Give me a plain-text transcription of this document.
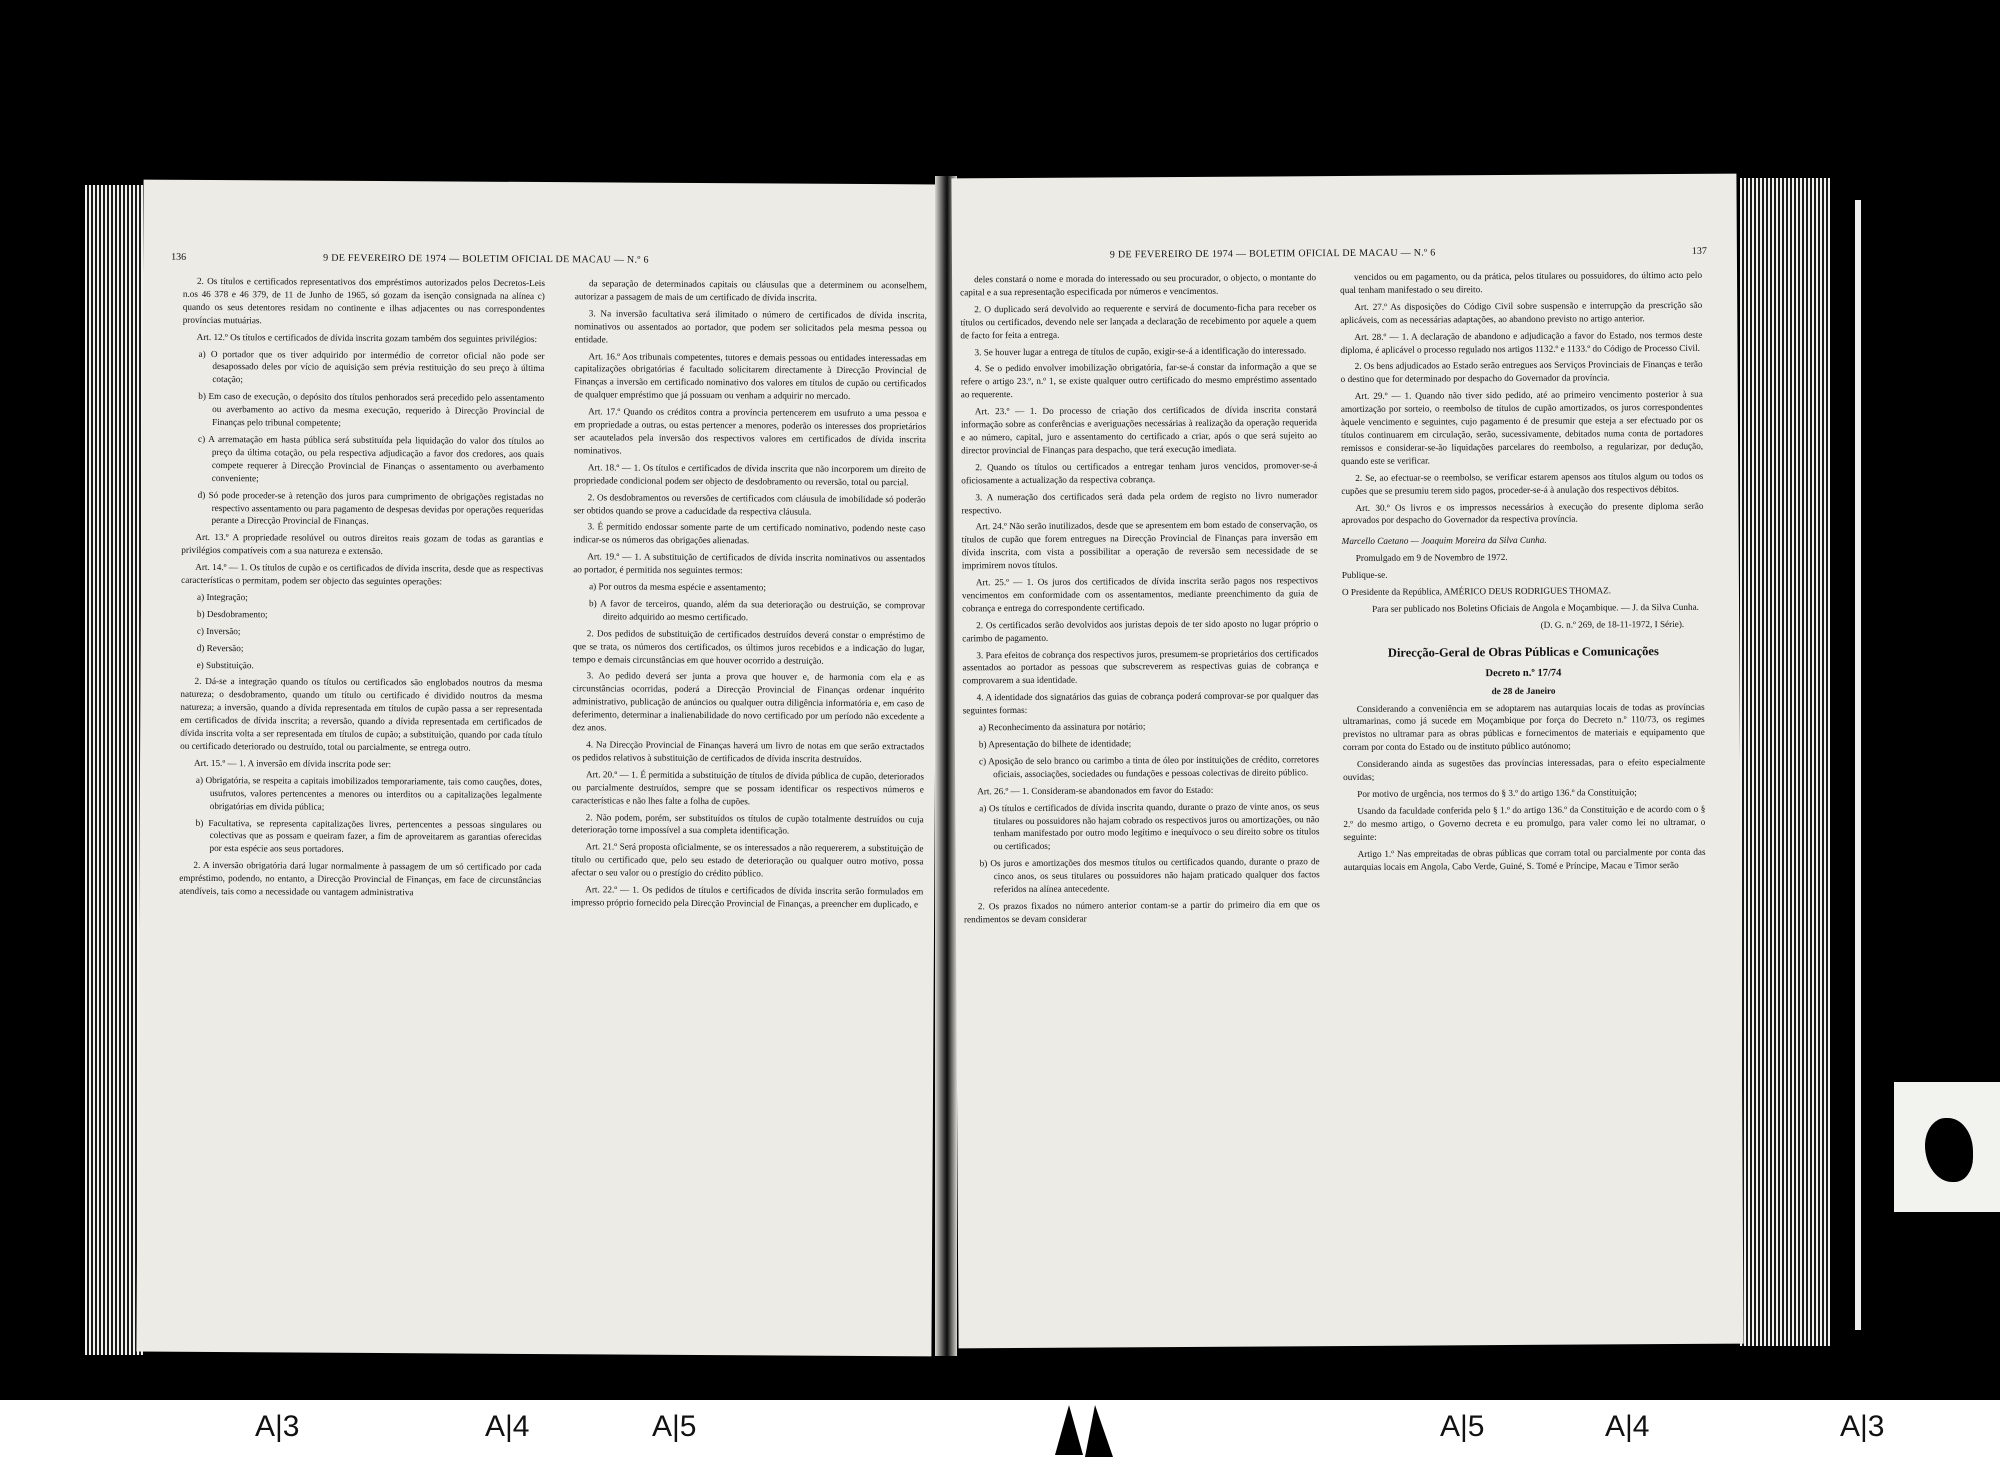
136	9 DE FEVEREIRO DE 1974 — BOLETIM OFICIAL DE MACAU — N.º 6

2. Os títulos e certificados representativos dos empréstimos autorizados pelos Decretos-Leis n.os 46 378 e 46 379, de 11 de Junho de 1965, só gozam da isenção consignada na alínea c) quando os seus detentores residam no continente e ilhas adjacentes ou nas correspondentes províncias mutuárias.

Art. 12.º Os títulos e certificados de dívida inscrita gozam também dos seguintes privilégios:

a) O portador que os tiver adquirido por intermédio de corretor oficial não pode ser desapossado deles por vício de aquisição sem prévia restituição do seu preço à última cotação;

b) Em caso de execução, o depósito dos títulos penhorados será precedido pelo assentamento ou averbamento ao activo da mesma execução, requerido à Direcção Provincial de Finanças pelo tribunal competente;

c) A arrematação em hasta pública será substituída pela liquidação do valor dos títulos ao preço da última cotação, ou pela respectiva adjudicação a favor dos credores, aos quais compete requerer à Direcção Provincial de Finanças o assentamento ou averbamento conveniente;

d) Só pode proceder-se à retenção dos juros para cumprimento de obrigações registadas no respectivo assentamento ou para pagamento de despesas devidas por operações requeridas perante a Direcção Provincial de Finanças.

Art. 13.º A propriedade resolúvel ou outros direitos reais gozam de todas as garantias e privilégios compatíveis com a sua natureza e extensão.

Art. 14.º — 1. Os títulos de cupão e os certificados de dívida inscrita, desde que as respectivas características o permitam, podem ser objecto das seguintes operações:

a) Integração;

b) Desdobramento;

c) Inversão;

d) Reversão;

e) Substituição.

2. Dá-se a integração quando os títulos ou certificados são englobados noutros da mesma natureza; o desdobramento, quando um título ou certificado é dividido noutros da mesma natureza; a inversão, quando a dívida representada em títulos de cupão passa a ser representada em certificados de dívida inscrita; a reversão, quando a dívida representada em certificados de dívida inscrita volta a ser representada em títulos de cupão; a substituição, quando por cada título ou certificado deteriorado ou destruído, total ou parcialmente, se entrega outro.

Art. 15.º — 1. A inversão em dívida inscrita pode ser:

a) Obrigatória, se respeita a capitais imobilizados temporariamente, tais como cauções, dotes, usufrutos, valores pertencentes a menores ou interditos ou a capitalizações legalmente obrigatórias em dívida pública;

b) Facultativa, se representa capitalizações livres, pertencentes a pessoas singulares ou colectivas que as possam e queiram fazer, a fim de aproveitarem as garantias oferecidas por esta espécie aos seus portadores.

2. A inversão obrigatória dará lugar normalmente à passagem de um só certificado por cada empréstimo, podendo, no entanto, a Direcção Provincial de Finanças, em face de circunstâncias atendíveis, tais como a necessidade ou vantagem administrativa

da separação de determinados capitais ou cláusulas que a determinem ou aconselhem, autorizar a passagem de mais de um certificado de dívida inscrita.

3. Na inversão facultativa será ilimitado o número de certificados de dívida inscrita, nominativos ou assentados ao portador, que podem ser solicitados pela mesma pessoa ou entidade.

Art. 16.º Aos tribunais competentes, tutores e demais pessoas ou entidades interessadas em capitalizações obrigatórias é facultado solicitarem directamente à Direcção Provincial de Finanças a inversão em certificado nominativo dos valores em títulos de cupão ou certificados de qualquer empréstimo que já possuam ou venham a adquirir no mercado.

Art. 17.º Quando os créditos contra a província pertencerem em usufruto a uma pessoa e em propriedade a outras, ou estas pertencer a menores, poderão os interesses dos proprietários ser acautelados pela inversão dos respectivos valores em certificados de dívida inscrita nominativos.

Art. 18.º — 1. Os títulos e certificados de dívida inscrita que não incorporem um direito de propriedade condicional podem ser objecto de desdobramento ou reversão, total ou parcial.

2. Os desdobramentos ou reversões de certificados com cláusula de imobilidade só poderão ser obtidos quando se prove a caducidade da respectiva cláusula.

3. É permitido endossar somente parte de um certificado nominativo, podendo neste caso indicar-se os números das obrigações alienadas.

Art. 19.º — 1. A substituição de certificados de dívida inscrita nominativos ou assentados ao portador, é permitida nos seguintes termos:

a) Por outros da mesma espécie e assentamento;

b) A favor de terceiros, quando, além da sua deterioração ou destruição, se comprovar direito adquirido ao mesmo certificado.

2. Dos pedidos de substituição de certificados destruídos deverá constar o empréstimo de que se trata, os números dos certificados, os últimos juros recebidos e a indicação do lugar, tempo e demais circunstâncias em que houver ocorrido a destruição.

3. Ao pedido deverá ser junta a prova que houver e, de harmonia com ela e as circunstâncias ocorridas, poderá a Direcção Provincial de Finanças ordenar inquérito administrativo, publicação de anúncios ou qualquer outra diligência informatória e, em caso de deferimento, determinar a inalienabilidade do novo certificado por um período não excedente a dez anos.

4. Na Direcção Provincial de Finanças haverá um livro de notas em que serão extractados os pedidos relativos à substituição de certificados de dívida inscrita destruídos.

Art. 20.º — 1. É permitida a substituição de títulos de dívida pública de cupão, deteriorados ou parcialmente destruídos, sempre que se possam identificar os respectivos números e características e não lhes falte a folha de cupões.

2. Não podem, porém, ser substituídos os títulos de cupão totalmente destruídos ou cuja deterioração torne impossível a sua completa identificação.

Art. 21.º Será proposta oficialmente, se os interessados a não requererem, a substituição de título ou certificado que, pelo seu estado de deterioração ou qualquer outro motivo, possa afectar o seu valor ou o prestígio do crédito público.

Art. 22.º — 1. Os pedidos de títulos e certificados de dívida inscrita serão formulados em impresso próprio fornecido pela Direcção Provincial de Finanças, a preencher em duplicado, e

9 DE FEVEREIRO DE 1974 — BOLETIM OFICIAL DE MACAU — N.º 6	137

deles constará o nome e morada do interessado ou seu procurador, o objecto, o montante do capital e a sua representação especificada por números e vencimentos.

2. O duplicado será devolvido ao requerente e servirá de documento-ficha para receber os títulos ou certificados, devendo nele ser lançada a declaração de recebimento por aquele a quem de facto for feita a entrega.

3. Se houver lugar a entrega de títulos de cupão, exigir-se-á a identificação do interessado.

4. Se o pedido envolver imobilização obrigatória, far-se-á constar da informação a que se refere o artigo 23.º, n.º 1, se existe qualquer outro certificado do mesmo empréstimo assentado ao requerente.

Art. 23.º — 1. Do processo de criação dos certificados de dívida inscrita constará informação sobre as conferências e averiguações necessárias à realização da operação requerida e ao número, capital, juro e assentamento do certificado a criar, após o que será sujeito ao director provincial de Finanças para despacho, que terá execução imediata.

2. Quando os títulos ou certificados a entregar tenham juros vencidos, promover-se-á oficiosamente a actualização da respectiva cobrança.

3. A numeração dos certificados será dada pela ordem de registo no livro numerador respectivo.

Art. 24.º Não serão inutilizados, desde que se apresentem em bom estado de conservação, os títulos de cupão que forem entregues na Direcção Provincial de Finanças para inversão em dívida inscrita, com vista a possibilitar a operação de reversão sem necessidade de se imprimirem novos títulos.

Art. 25.º — 1. Os juros dos certificados de dívida inscrita serão pagos nos respectivos vencimentos em conformidade com os assentamentos, mediante preenchimento da guia de cobrança e entrega do correspondente certificado.

2. Os certificados serão devolvidos aos juristas depois de ter sido aposto no lugar próprio o carimbo de pagamento.

3. Para efeitos de cobrança dos respectivos juros, presumem-se proprietários dos certificados assentados ao portador as pessoas que subscreverem as respectivas guias de cobrança e comprovarem a sua identidade.

4. A identidade dos signatários das guias de cobrança poderá comprovar-se por qualquer das seguintes formas:

a) Reconhecimento da assinatura por notário;

b) Apresentação do bilhete de identidade;

c) Aposição de selo branco ou carimbo a tinta de óleo por instituições de crédito, corretores oficiais, associações, sociedades ou fundações e pessoas colectivas de direito público.

Art. 26.º — 1. Consideram-se abandonados em favor do Estado:

a) Os títulos e certificados de dívida inscrita quando, durante o prazo de vinte anos, os seus titulares ou possuidores não hajam cobrado os respectivos juros ou amortizações, ou não tenham manifestado por outro modo legítimo e inequívoco o seu direito sobre os títulos ou certificados;

b) Os juros e amortizações dos mesmos títulos ou certificados quando, durante o prazo de cinco anos, os seus titulares ou possuidores não hajam praticado qualquer dos factos referidos na alínea antecedente.

2. Os prazos fixados no número anterior contam-se a partir do primeiro dia em que os rendimentos se devam considerar

vencidos ou em pagamento, ou da prática, pelos titulares ou possuidores, do último acto pelo qual tenham manifestado o seu direito.

Art. 27.º As disposições do Código Civil sobre suspensão e interrupção da prescrição são aplicáveis, com as necessárias adaptações, ao abandono previsto no artigo anterior.

Art. 28.º — 1. A declaração de abandono e adjudicação a favor do Estado, nos termos deste diploma, é aplicável o processo regulado nos artigos 1132.º e 1133.º do Código de Processo Civil.

2. Os bens adjudicados ao Estado serão entregues aos Serviços Provinciais de Finanças e terão o destino que for determinado por despacho do Governador da província.

Art. 29.º — 1. Quando não tiver sido pedido, até ao primeiro vencimento posterior à sua amortização por sorteio, o reembolso de títulos de cupão amortizados, os juros correspondentes àquele vencimento e seguintes, cujo pagamento é de presumir que esteja a ser efectuado por os títulos continuarem em circulação, serão, sucessivamente, debitados numa conta de portadores remissos e considerar-se-ão liquidações parcelares do reembolso, a regularizar, por dedução, quando este se verificar.

2. Se, ao efectuar-se o reembolso, se verificar estarem apensos aos títulos algum ou todos os cupões que se presumiu terem sido pagos, proceder-se-á à anulação dos respectivos débitos.

Art. 30.º Os livros e os impressos necessários à execução do presente diploma serão aprovados por despacho do Governador da respectiva província.

Marcello Caetano — Joaquim Moreira da Silva Cunha.

Promulgado em 9 de Novembro de 1972.

Publique-se.

O Presidente da República, AMÉRICO DEUS RODRIGUES THOMAZ.

Para ser publicado nos Boletins Oficiais de Angola e Moçambique. — J. da Silva Cunha.

(D. G. n.º 269, de 18-11-1972, I Série).

Direcção-Geral de Obras Públicas e Comunicações

Decreto n.º 17/74

de 28 de Janeiro

Considerando a conveniência em se adoptarem nas autarquias locais de todas as províncias ultramarinas, como já sucede em Moçambique por força do Decreto n.º 110/73, os regimes previstos no ultramar para as obras públicas e fornecimentos de materiais e equipamento que corram por conta do Estado ou de instituto público autónomo;

Considerando ainda as sugestões das províncias interessadas, para o efeito especialmente ouvidas;

Por motivo de urgência, nos termos do § 3.º do artigo 136.º da Constituição;

Usando da faculdade conferida pelo § 1.º do artigo 136.º da Constituição e de acordo com o § 2.º do mesmo artigo, o Governo decreta e eu promulgo, para valer como lei no ultramar, o seguinte:

Artigo 1.º Nas empreitadas de obras públicas que corram total ou parcialmente por conta das autarquias locais em Angola, Cabo Verde, Guiné, S. Tomé e Príncipe, Macau e Timor serão	Original ilegível
A|3	A|4	A|5	A|5	A|4	A|3
